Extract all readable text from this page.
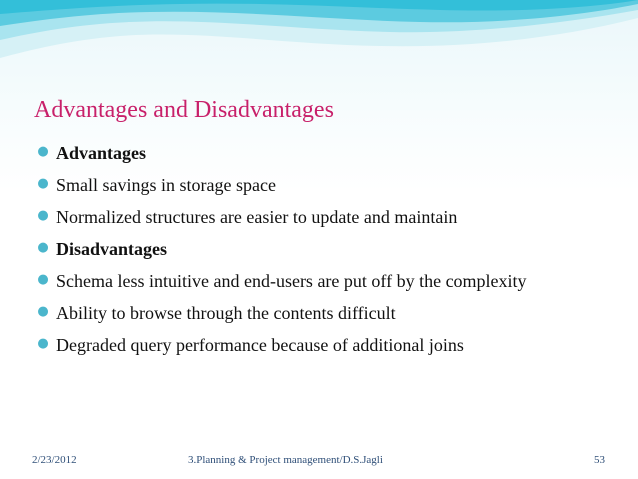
Advantages and Disadvantages
● Advantages
● Small savings in storage space
● Normalized structures are easier to update and maintain
● Disadvantages
● Schema less intuitive and end-users are put off by the complexity
● Ability to browse through the contents difficult
● Degraded query performance because of additional joins
2/23/2012	3.Planning & Project management/D.S.Jagli	53
